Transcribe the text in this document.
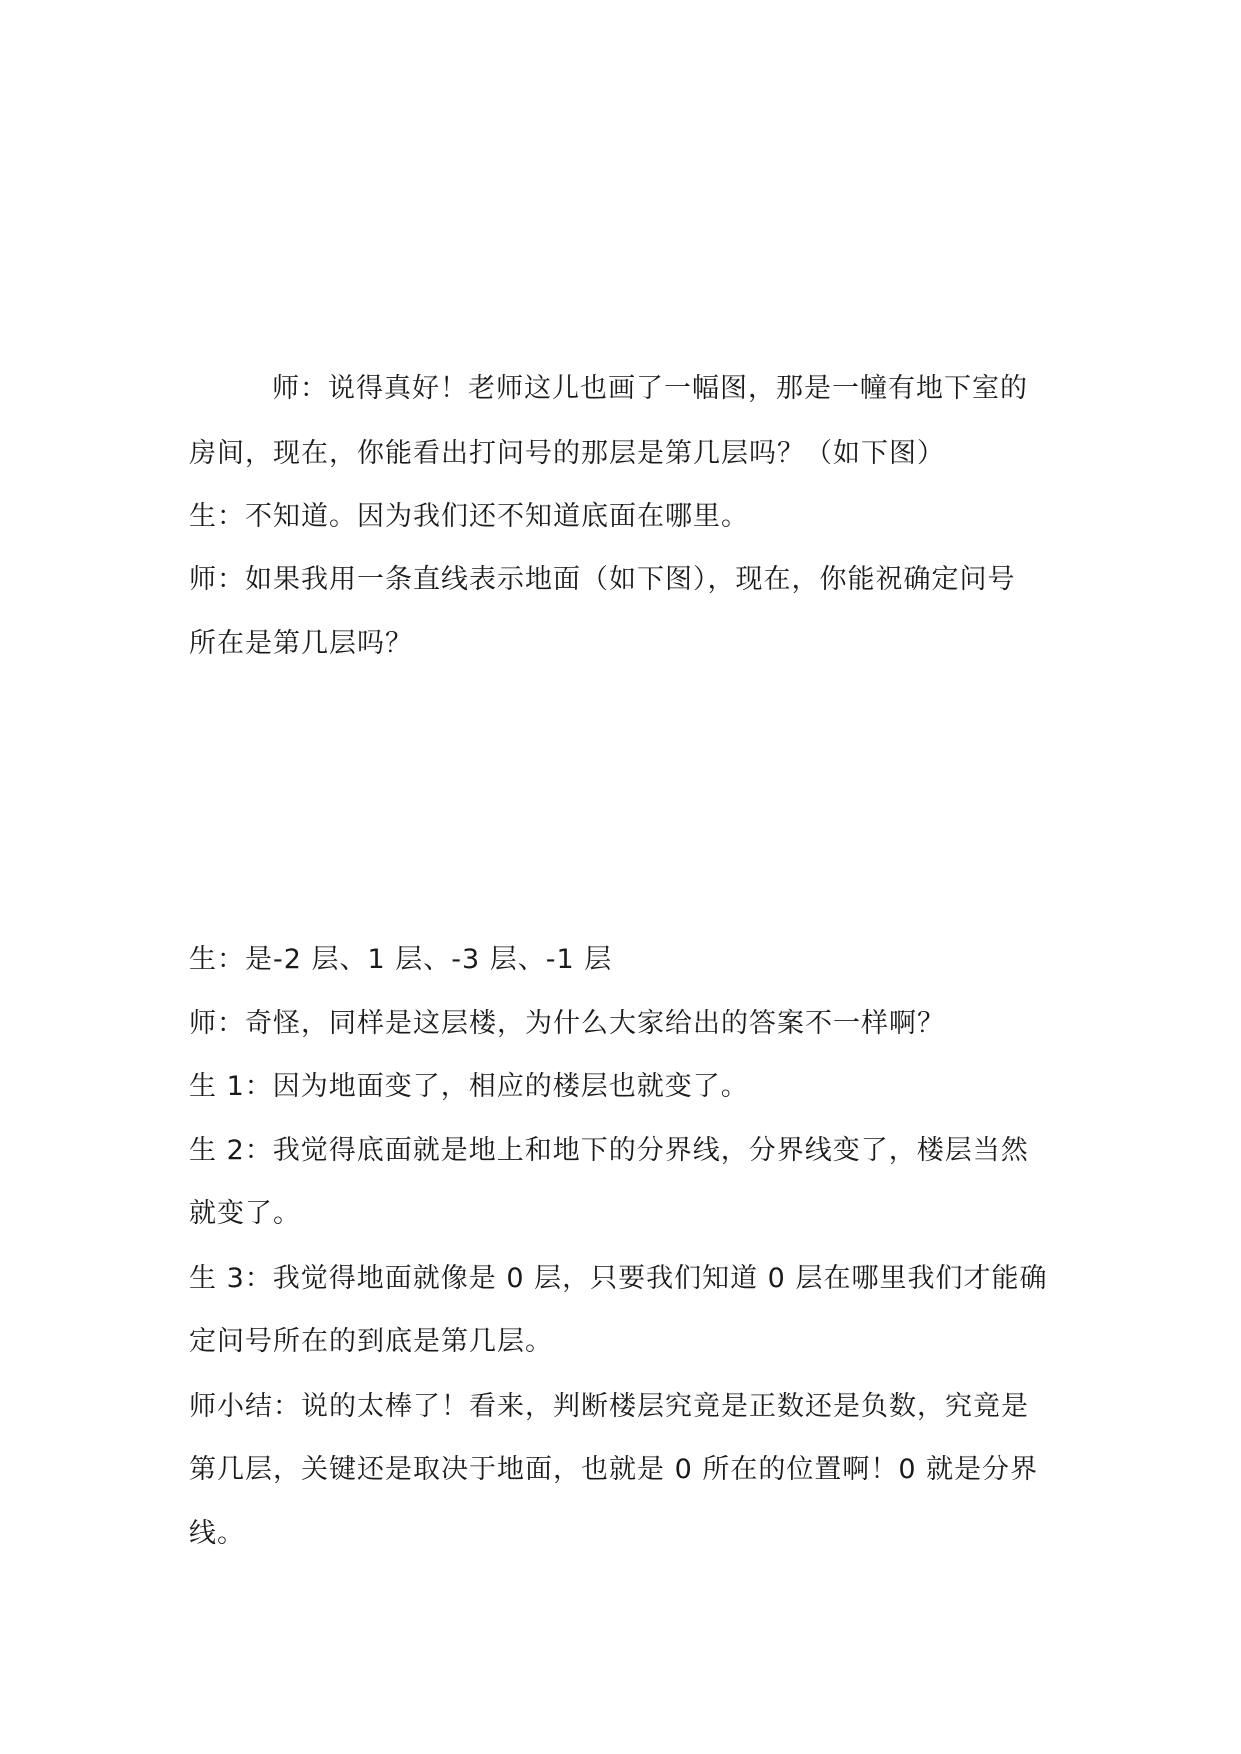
师：说得真好！老师这儿也画了一幅图，那是一幢有地下室的
房间，现在，你能看出打问号的那层是第几层吗？（如下图）
生：不知道。因为我们还不知道底面在哪里。
师：如果我用一条直线表示地面（如下图），现在，你能祝确定问号
所在是第几层吗？
生：是-2 层、1 层、-3 层、-1 层
师：奇怪，同样是这层楼，为什么大家给出的答案不一样啊？
生 1：因为地面变了，相应的楼层也就变了。
生 2：我觉得底面就是地上和地下的分界线，分界线变了，楼层当然
就变了。
生 3：我觉得地面就像是 0 层，只要我们知道 0 层在哪里我们才能确
定问号所在的到底是第几层。
师小结：说的太棒了！看来，判断楼层究竟是正数还是负数，究竟是
第几层，关键还是取决于地面，也就是 0 所在的位置啊！0 就是分界
线。
